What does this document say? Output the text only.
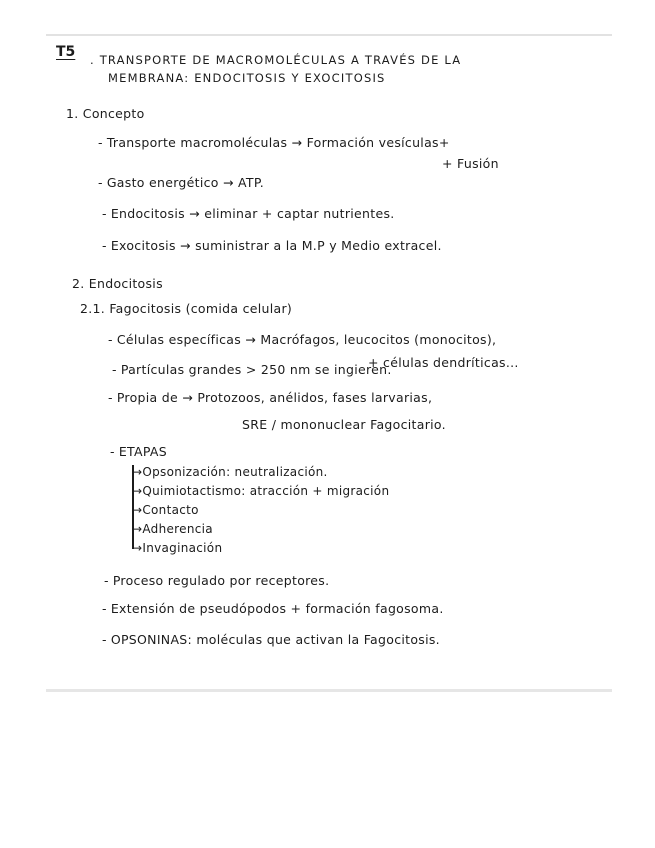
T5 . TRANSPORTE DE MACROMOLÉCULAS A TRAVÉS DE LA
MEMBRANA: ENDOCITOSIS Y EXOCITOSIS
1. Concepto
- Transporte macromoléculas → Formación vesículas+
+ Fusión
- Gasto energético → ATP.
- Endocitosis → eliminar + captar nutrientes.
- Exocitosis → suministrar a la M.P y Medio extracel.
2. Endocitosis
2.1. Fagocitosis (comida celular)
- Células específicas → Macrófagos, leucocitos (monocitos),
+ células dendríticas...
- Partículas grandes > 250 nm se ingieren.
- Propia de → Protozoos, anélidos, fases larvarias,
SRE / mononuclear Fagocitario.
- ETAPAS
→Opsonización: neutralización.
→Quimiotactismo: atracción + migración
→Contacto
→Adherencia
→Invaginación
- Proceso regulado por receptores.
- Extensión de pseudópodos + formación fagosoma.
- OPSONINAS: moléculas que activan la Fagocitosis.
